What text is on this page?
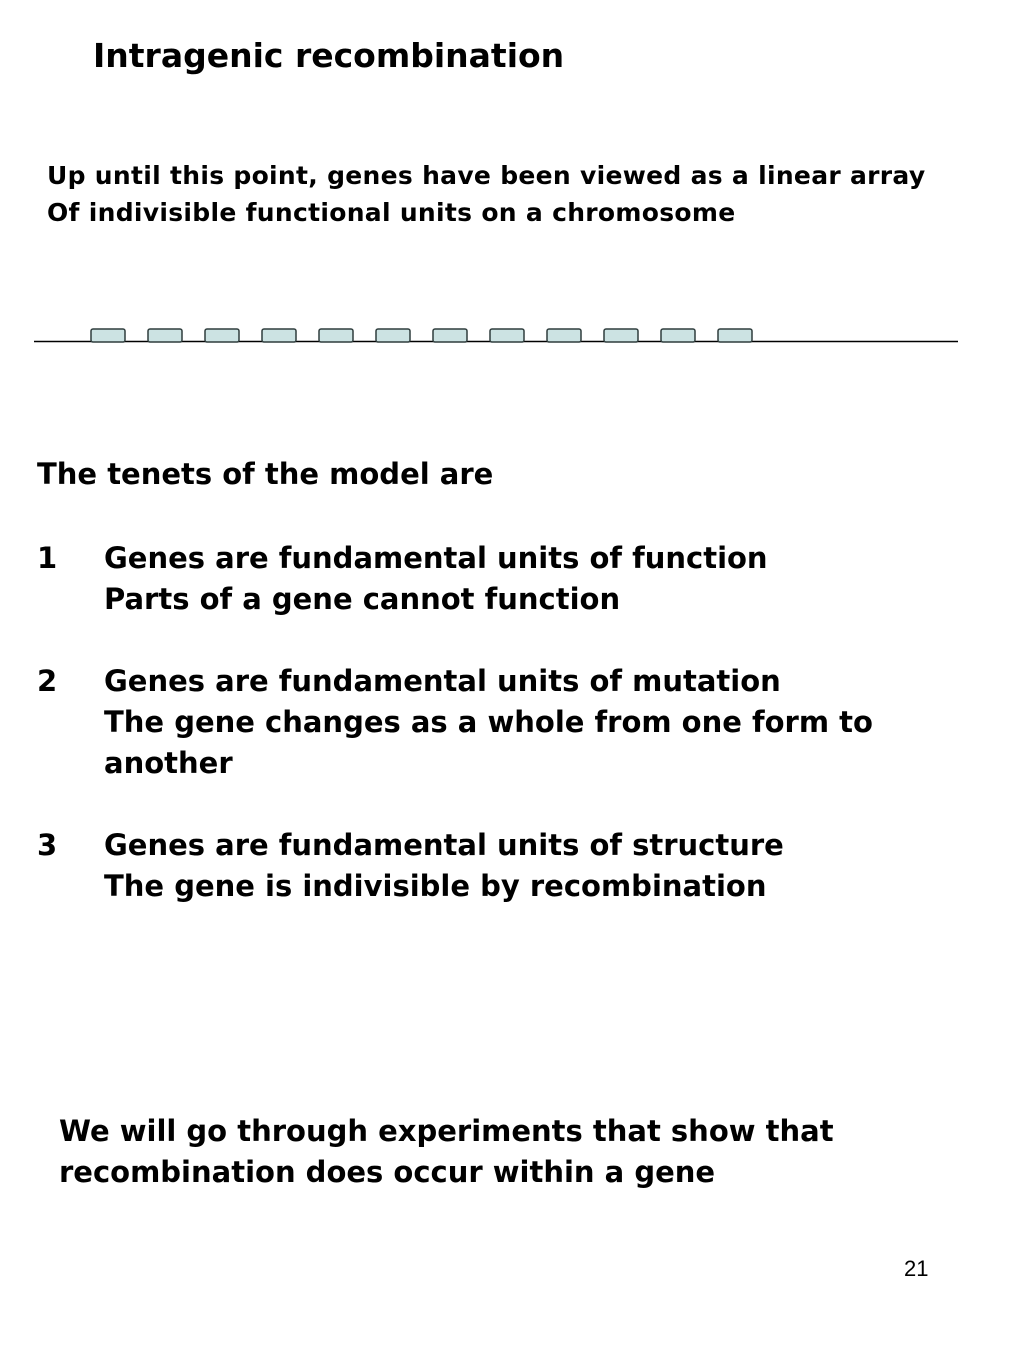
Intragenic recombination
Up until this point, genes have been viewed as a linear array
Of indivisible functional units on a chromosome
The tenets of the model are
1	Genes are fundamental units of function
Parts of a gene cannot function
2	Genes are fundamental units of mutation
The gene changes as a whole from one form to
another
3	Genes are fundamental units of structure
The gene is indivisible by recombination
We will go through experiments that show that
recombination does occur within a gene
21
